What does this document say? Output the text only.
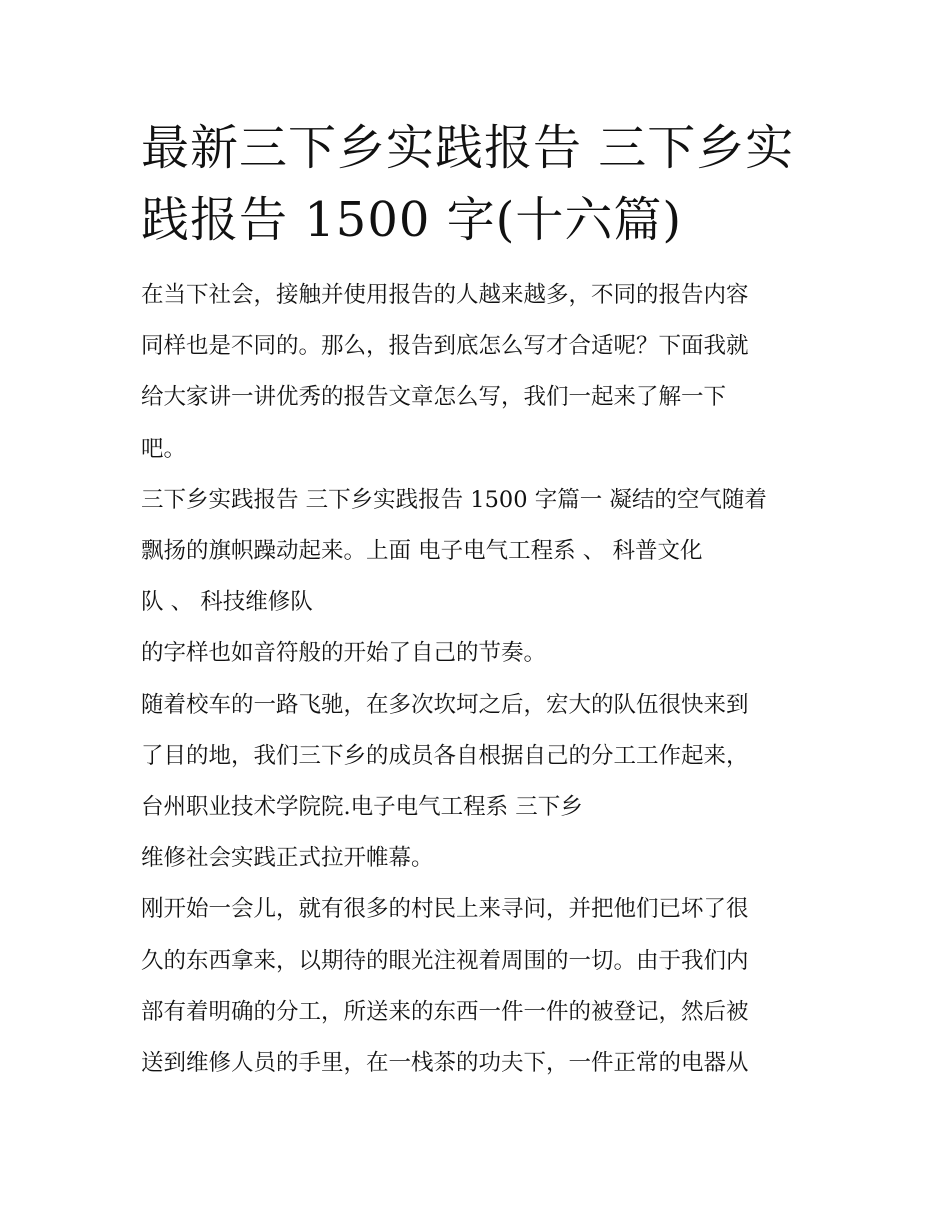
最新三下乡实践报告 三下乡实
践报告 1500 字(十六篇)
在当下社会，接触并使用报告的人越来越多，不同的报告内容
同样也是不同的。那么，报告到底怎么写才合适呢？下面我就
给大家讲一讲优秀的报告文章怎么写，我们一起来了解一下
吧。
三下乡实践报告 三下乡实践报告 1500 字篇一 凝结的空气随着
飘扬的旗帜躁动起来。上面 电子电气工程系 、 科普文化
队 、 科技维修队
的字样也如音符般的开始了自己的节奏。
随着校车的一路飞驰，在多次坎坷之后，宏大的队伍很快来到
了目的地，我们三下乡的成员各自根据自己的分工工作起来，
台州职业技术学院院.电子电气工程系 三下乡
维修社会实践正式拉开帷幕。
刚开始一会儿，就有很多的村民上来寻问，并把他们已坏了很
久的东西拿来，以期待的眼光注视着周围的一切。由于我们内
部有着明确的分工，所送来的东西一件一件的被登记，然后被
送到维修人员的手里，在一栈茶的功夫下，一件正常的电器从
